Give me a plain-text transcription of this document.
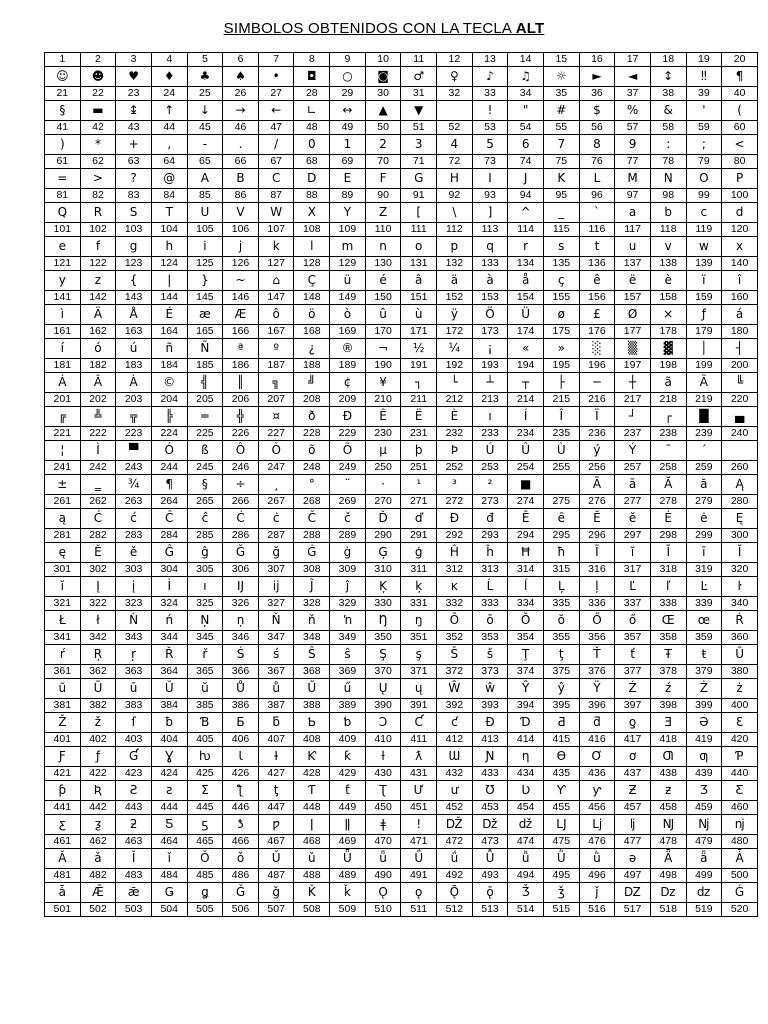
SIMBOLOS OBTENIDOS CON LA TECLA ALT
1	2	3	4	5	6	7	8	9	10	11	12	13	14	15	16	17	18	19	20
☺	☻	♥	♦	♣	♠	•	◘	○	◙	♂	♀	♪	♫	☼	►	◄	↕	‼	¶
21	22	23	24	25	26	27	28	29	30	31	32	33	34	35	36	37	38	39	40
§	▬	↨	↑	↓	→	←	∟	↔	▲	▼		!	"	#	$	%	&	'	(
41	42	43	44	45	46	47	48	49	50	51	52	53	54	55	56	57	58	59	60
)	*	+	,	-	.	/	0	1	2	3	4	5	6	7	8	9	:	;	<
61	62	63	64	65	66	67	68	69	70	71	72	73	74	75	76	77	78	79	80
=	>	?	@	A	B	C	D	E	F	G	H	I	J	K	L	M	N	O	P
81	82	83	84	85	86	87	88	89	90	91	92	93	94	95	96	97	98	99	100
Q	R	S	T	U	V	W	X	Y	Z	[	\	]	^	_	`	a	b	c	d
101	102	103	104	105	106	107	108	109	110	111	112	113	114	115	116	117	118	119	120
e	f	g	h	i	j	k	l	m	n	o	p	q	r	s	t	u	v	w	x
121	122	123	124	125	126	127	128	129	130	131	132	133	134	135	136	137	138	139	140
y	z	{	|	}	~	⌂	Ç	ü	é	â	ä	à	å	ç	ê	ë	è	ï	î
141	142	143	144	145	146	147	148	149	150	151	152	153	154	155	156	157	158	159	160
ì	Ä	Å	É	æ	Æ	ô	ö	ò	û	ù	ÿ	Ö	Ü	ø	£	Ø	×	ƒ	á
161	162	163	164	165	166	167	168	169	170	171	172	173	174	175	176	177	178	179	180
í	ó	ú	ñ	Ñ	ª	º	¿	®	¬	½	¼	¡	«	»	░	▒	▓	│	┤
181	182	183	184	185	186	187	188	189	190	191	192	193	194	195	196	197	198	199	200
Á	Â	À	©	╣	║	╗	╝	¢	¥	┐	└	┴	┬	├	─	┼	ã	Ã	╚
201	202	203	204	205	206	207	208	209	210	211	212	213	214	215	216	217	218	219	220
╔	╩	╦	╠	═	╬	¤	ð	Ð	Ê	Ë	È	ı	Í	Î	Ï	┘	┌	█	▄
221	222	223	224	225	226	227	228	229	230	231	232	233	234	235	236	237	238	239	240
¦	Ì	▀	Ó	ß	Ô	Ò	õ	Õ	µ	þ	Þ	Ú	Û	Ù	ý	Ý	¯	´	
241	242	243	244	245	246	247	248	249	250	251	252	253	254	255	256	257	258	259	260
±	‗	¾	¶	§	÷	¸	°	¨	·	¹	³	²	■		Ā	ā	Ă	ă	Ą
261	262	263	264	265	266	267	268	269	270	271	272	273	274	275	276	277	278	279	280
ą	Ć	ć	Ĉ	ĉ	Ċ	ċ	Č	č	Ď	ď	Đ	đ	Ē	ē	Ĕ	ĕ	Ė	ė	Ę
281	282	283	284	285	286	287	288	289	290	291	292	293	294	295	296	297	298	299	300
ę	Ě	ě	Ĝ	ĝ	Ğ	ğ	Ġ	ġ	Ģ	ģ	Ĥ	ĥ	Ħ	ħ	Ĩ	ĩ	Ī	ī	Ĭ
301	302	303	304	305	306	307	308	309	310	311	312	313	314	315	316	317	318	319	320
ĭ	Į	į	İ	ı	Ĳ	ĳ	Ĵ	ĵ	Ķ	ķ	ĸ	Ĺ	ĺ	Ļ	ļ	Ľ	ľ	Ŀ	ŀ
321	322	323	324	325	326	327	328	329	330	331	332	333	334	335	336	337	338	339	340
Ł	ł	Ń	ń	Ņ	ņ	Ň	ň	ŉ	Ŋ	ŋ	Ō	ō	Ŏ	ŏ	Ő	ő	Œ	œ	Ŕ
341	342	343	344	345	346	347	348	349	350	351	352	353	354	355	356	357	358	359	360
ŕ	Ŗ	ŗ	Ř	ř	Ś	ś	Ŝ	ŝ	Ş	ş	Š	š	Ţ	ţ	Ť	ť	Ŧ	ŧ	Ũ
361	362	363	364	365	366	367	368	369	370	371	372	373	374	375	376	377	378	379	380
ũ	Ū	ū	Ŭ	ŭ	Ů	ů	Ű	ű	Ų	ų	Ŵ	ŵ	Ŷ	ŷ	Ÿ	Ź	ź	Ż	ż
381	382	383	384	385	386	387	388	389	390	391	392	393	394	395	396	397	398	399	400
Ž	ž	ſ	ƀ	Ɓ	Ƃ	ƃ	Ƅ	ƅ	Ɔ	Ƈ	ƈ	Ɖ	Ɗ	Ƌ	ƌ	ƍ	Ǝ	Ə	Ɛ
401	402	403	404	405	406	407	408	409	410	411	412	413	414	415	416	417	418	419	420
Ƒ	ƒ	Ɠ	Ɣ	ƕ	Ɩ	Ɨ	Ƙ	ƙ	ƚ	ƛ	Ɯ	Ɲ	ƞ	Ɵ	Ơ	ơ	Ƣ	ƣ	Ƥ
421	422	423	424	425	426	427	428	429	430	431	432	433	434	435	436	437	438	439	440
ƥ	Ʀ	Ƨ	ƨ	Ʃ	ƪ	ƫ	Ƭ	ƭ	Ʈ	Ư	ư	Ʊ	Ʋ	Ƴ	ƴ	Ƶ	ƶ	Ʒ	Ƹ
441	442	443	444	445	446	447	448	449	450	451	452	453	454	455	456	457	458	459	460
ƹ	ƺ	ƻ	Ƽ	ƽ	ƾ	ƿ	ǀ	ǁ	ǂ	ǃ	Ǆ	ǅ	ǆ	Ǉ	ǈ	ǉ	Ǌ	ǋ	ǌ
461	462	463	464	465	466	467	468	469	470	471	472	473	474	475	476	477	478	479	480
Ǎ	ǎ	Ǐ	ǐ	Ǒ	ǒ	Ǔ	ǔ	Ǖ	ǖ	Ǘ	ǘ	Ǚ	ǚ	Ǜ	ǜ	ǝ	Ǟ	ǟ	Ǡ
481	482	483	484	485	486	487	488	489	490	491	492	493	494	495	496	497	498	499	500
ǡ	Ǣ	ǣ	Ǥ	ǥ	Ǧ	ǧ	Ǩ	ǩ	Ǫ	ǫ	Ǭ	ǭ	Ǯ	ǯ	ǰ	Ǳ	ǲ	ǳ	Ǵ
501	502	503	504	505	506	507	508	509	510	511	512	513	514	515	516	517	518	519	520
